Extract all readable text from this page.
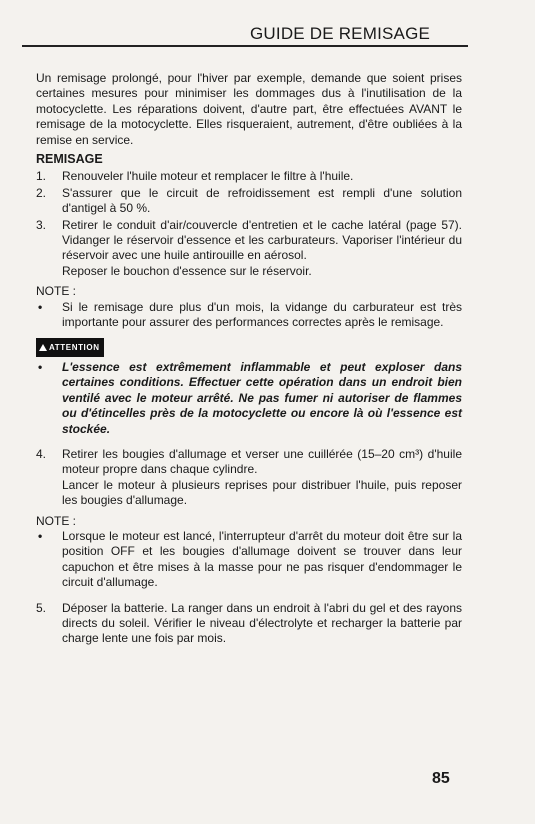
GUIDE DE REMISAGE

Un remisage prolongé, pour l'hiver par exemple, demande que soient prises certaines mesures pour minimiser les dommages dus à l'inutilisation de la motocyclette. Les réparations doivent, d'autre part, être effectuées AVANT le remisage de la motocyclette. Elles risqueraient, autrement, d'être oubliées à la remise en service.

REMISAGE
1.	Renouveler l'huile moteur et remplacer le filtre à l'huile.
2.	S'assurer que le circuit de refroidissement est rempli d'une solution d'antigel à 50 %.
3.	Retirer le conduit d'air/couvercle d'entretien et le cache latéral (page 57). Vidanger le réservoir d'essence et les carburateurs. Vaporiser l'intérieur du réservoir avec une huile antirouille en aérosol.

Reposer le bouchon d'essence sur le réservoir.

NOTE :
•	Si le remisage dure plus d'un mois, la vidange du carburateur est très importante pour assurer des performances correctes après le remisage.
ATTENTION
•	L'essence est extrêmement inflammable et peut exploser dans certaines conditions. Effectuer cette opération dans un endroit bien ventilé avec le moteur arrêté. Ne pas fumer ni autoriser de flammes ou d'étincelles près de la motocyclette ou encore là où l'essence est stockée.
4.	Retirer les bougies d'allumage et verser une cuillérée (15–20 cm³) d'huile moteur propre dans chaque cylindre.

Lancer le moteur à plusieurs reprises pour distribuer l'huile, puis reposer les bougies d'allumage.

NOTE :
•	Lorsque le moteur est lancé, l'interrupteur d'arrêt du moteur doit être sur la position OFF et les bougies d'allumage doivent se trouver dans leur capuchon et être mises à la masse pour ne pas risquer d'endommager le circuit d'allumage.
5.	Déposer la batterie. La ranger dans un endroit à l'abri du gel et des rayons directs du soleil. Vérifier le niveau d'électrolyte et recharger la batterie par charge lente une fois par mois.
85
